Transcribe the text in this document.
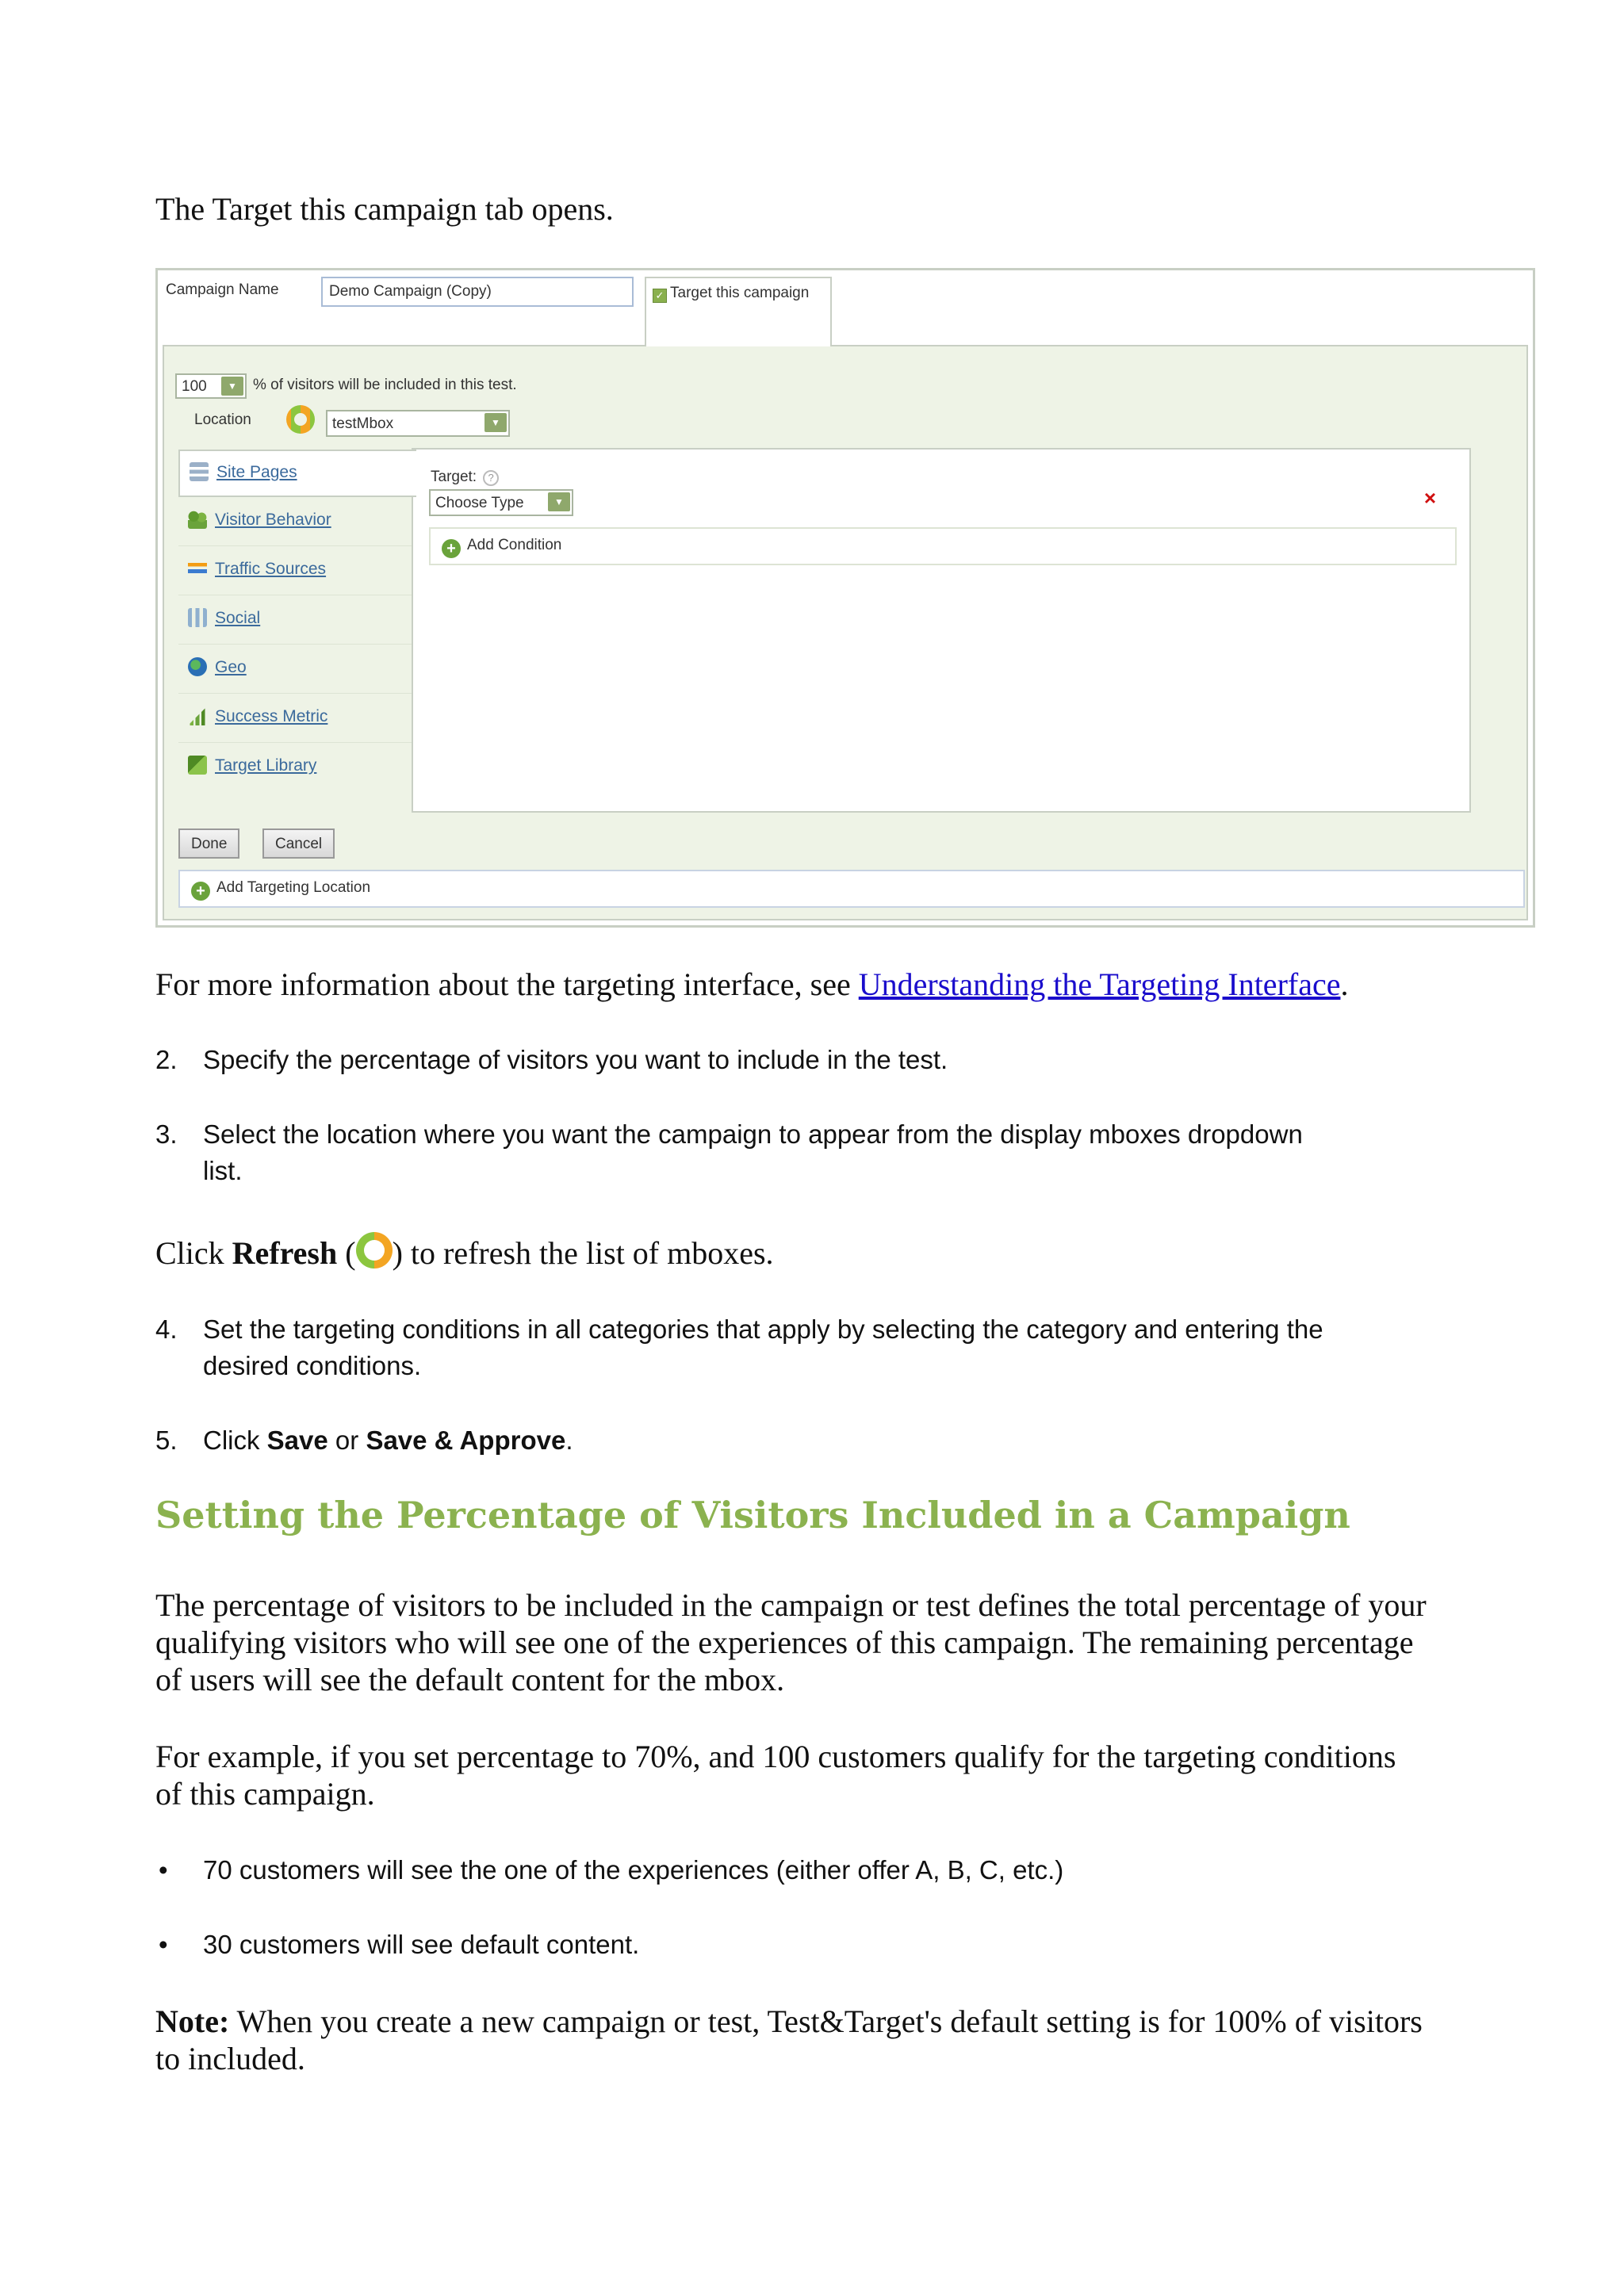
The Target this campaign tab opens.
Campaign Name	Demo Campaign (Copy)	✓ Target this campaign
100	▼	% of visitors will be included in this test.
Location	testMbox	▼
Site Pages
Visitor Behavior
Traffic Sources
Social
Geo
Success Metric
Target Library
Target: ?
Choose Type	▼	×
+ Add Condition
Done	Cancel
+ Add Targeting Location
For more information about the targeting interface, see Understanding the Targeting Interface.
2. Specify the percentage of visitors you want to include in the test.
3. Select the location where you want the campaign to appear from the display mboxes dropdown
list.
Click Refresh ( ) to refresh the list of mboxes.
4. Set the targeting conditions in all categories that apply by selecting the category and entering the
desired conditions.
5. Click Save or Save & Approve.
Setting the Percentage of Visitors Included in a Campaign
The percentage of visitors to be included in the campaign or test defines the total percentage of your
qualifying visitors who will see one of the experiences of this campaign. The remaining percentage
of users will see the default content for the mbox.
For example, if you set percentage to 70%, and 100 customers qualify for the targeting conditions
of this campaign.
• 70 customers will see the one of the experiences (either offer A, B, C, etc.)
• 30 customers will see default content.
Note: When you create a new campaign or test, Test&Target's default setting is for 100% of visitors
to included.
